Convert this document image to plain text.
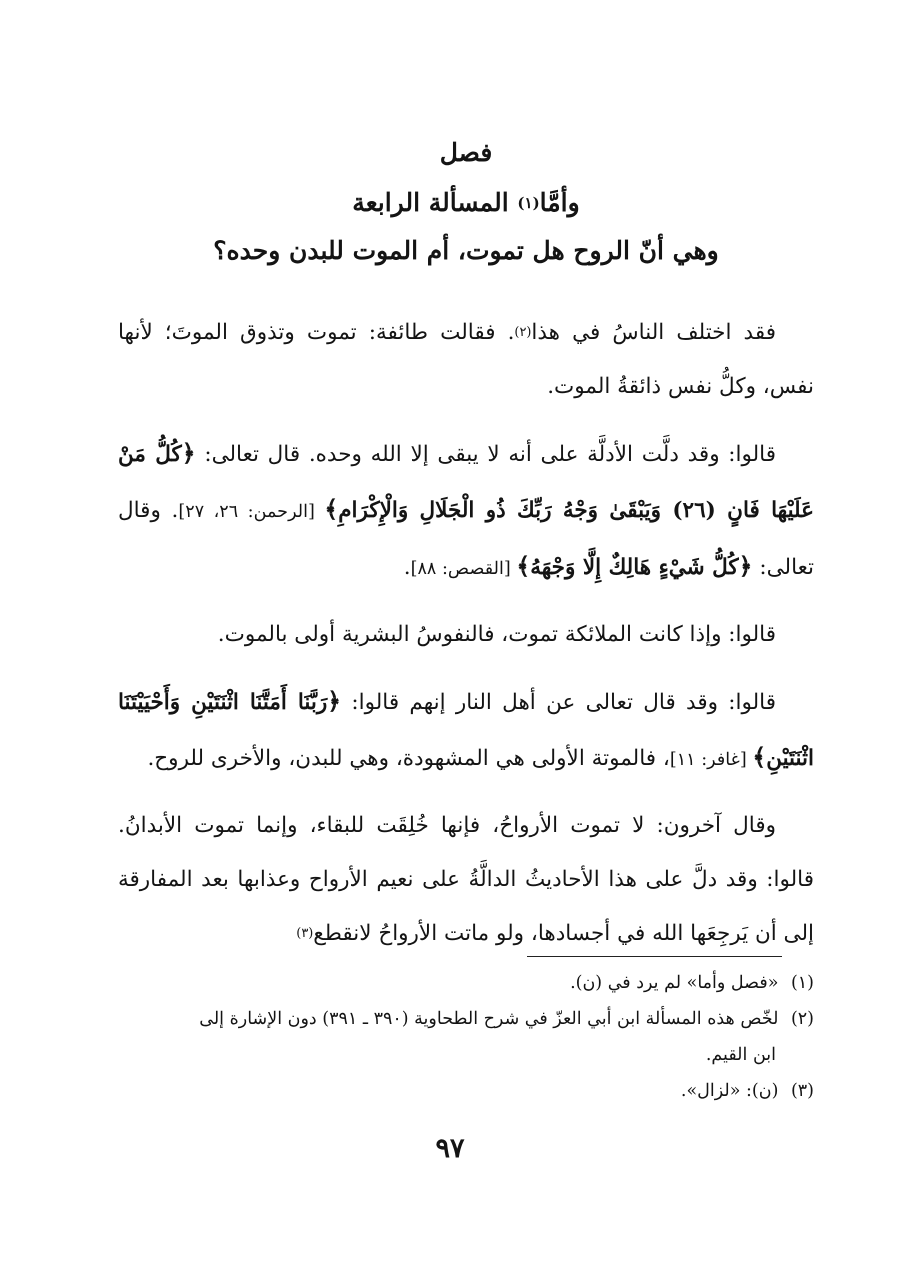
فصل

وأمَّا$^{(١)}$ المسألة الرابعة

وهي أنّ الروح هل تموت، أم الموت للبدن وحده؟

فقد اختلف الناسُ في هذا$^{(٢)}$. فقالت طائفة: تموت وتذوق الموتَ؛ لأنها نفس، وكلُّ نفس ذائقةُ الموت.

قالوا: وقد دلَّت الأدلَّة على أنه لا يبقى إلا الله وحده. قال تعالى: ﴿كُلُّ مَنْ عَلَيْهَا فَانٍ (٢٦) وَيَبْقَىٰ وَجْهُ رَبِّكَ ذُو الْجَلَالِ وَالْإِكْرَامِ﴾ [الرحمن: ٢٦، ٢٧]. وقال تعالى: ﴿كُلُّ شَيْءٍ هَالِكٌ إِلَّا وَجْهَهُ﴾ [القصص: ٨٨].

قالوا: وإذا كانت الملائكة تموت، فالنفوسُ البشرية أولى بالموت.

قالوا: وقد قال تعالى عن أهل النار إنهم قالوا: ﴿رَبَّنَا أَمَتَّنَا اثْنَتَيْنِ وَأَحْيَيْتَنَا اثْنَتَيْنِ﴾ [غافر: ١١]، فالموتة الأولى هي المشهودة، وهي للبدن، والأخرى للروح.

وقال آخرون: لا تموت الأرواحُ، فإنها خُلِقَت للبقاء، وإنما تموت الأبدانُ. قالوا: وقد دلَّ على هذا الأحاديثُ الدالَّةُ على نعيم الأرواح وعذابها بعد المفارقة إلى أن يَرجِعَها الله في أجسادها، ولو ماتت الأرواحُ لانقطع$^{(٣)}$

(١) «فصل وأما» لم يرد في (ن).

(٢) لخّص هذه المسألة ابن أبي العزّ في شرح الطحاوية (٣٩٠ ـ ٣٩١) دون الإشارة إلى

ابن القيم.

(٣) (ن): «لزال».

٩٧
